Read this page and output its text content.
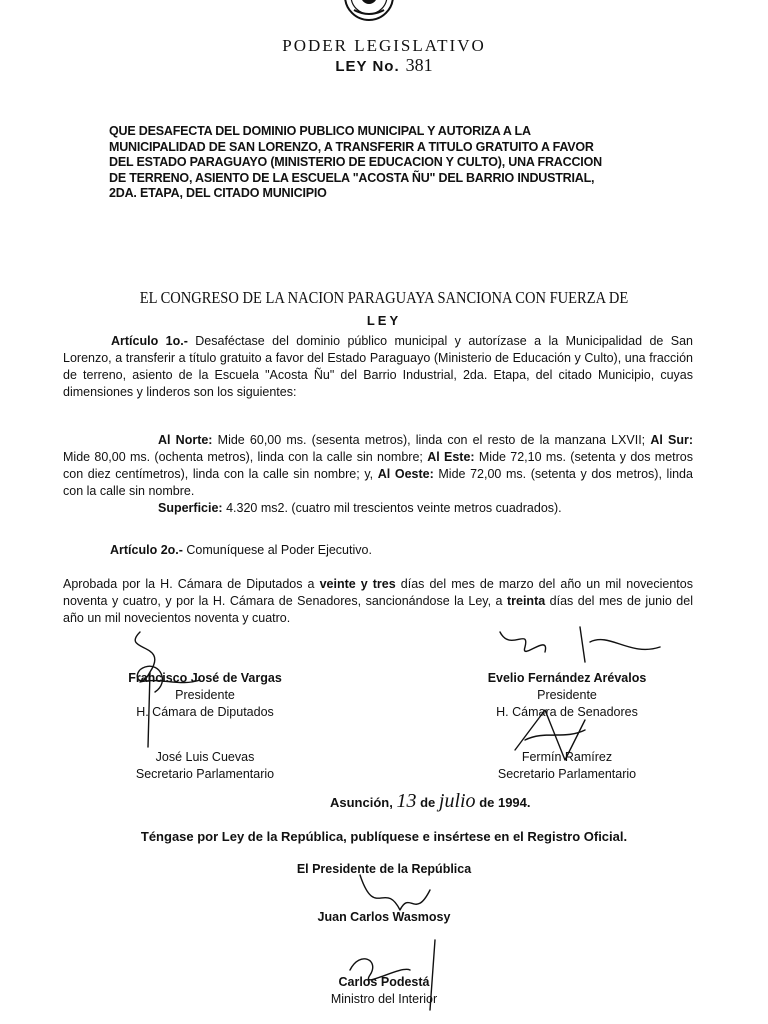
PODER LEGISLATIVO
LEY No. 381
QUE DESAFECTA DEL DOMINIO PUBLICO MUNICIPAL Y AUTORIZA A LA MUNICIPALIDAD DE SAN LORENZO, A TRANSFERIR A TITULO GRATUITO A FAVOR DEL ESTADO PARAGUAYO (MINISTERIO DE EDUCACION Y CULTO), UNA FRACCION DE TERRENO, ASIENTO DE LA ESCUELA "ACOSTA ÑU" DEL BARRIO INDUSTRIAL, 2DA. ETAPA, DEL CITADO MUNICIPIO
EL CONGRESO DE LA NACION PARAGUAYA SANCIONA CON FUERZA DE
LEY
Artículo 1o.- Desaféctase del dominio público municipal y autorízase a la Municipalidad de San Lorenzo, a transferir a título gratuito a favor del Estado Paraguayo (Ministerio de Educación y Culto), una fracción de terreno, asiento de la Escuela "Acosta Ñu" del Barrio Industrial, 2da. Etapa, del citado Municipio, cuyas dimensiones y linderos son los siguientes:
Al Norte: Mide 60,00 ms. (sesenta metros), linda con el resto de la manzana LXVII; Al Sur: Mide 80,00 ms. (ochenta metros), linda con la calle sin nombre; Al Este: Mide 72,10 ms. (setenta y dos metros con diez centímetros), linda con la calle sin nombre; y, Al Oeste: Mide 72,00 ms. (setenta y dos metros), linda con la calle sin nombre.
Superficie: 4.320 ms2. (cuatro mil trescientos veinte metros cuadrados).
Artículo 2o.- Comuníquese al Poder Ejecutivo.
Aprobada por la H. Cámara de Diputados a veinte y tres días del mes de marzo del año un mil novecientos noventa y cuatro, y por la H. Cámara de Senadores, sancionándose la Ley, a treinta días del mes de junio del año un mil novecientos noventa y cuatro.
Francisco José de Vargas
Presidente
H. Cámara de Diputados
Evelio Fernández Arévalos
Presidente
H. Cámara de Senadores
José Luis Cuevas
Secretario Parlamentario
Fermín Ramírez
Secretario Parlamentario
Asunción, 13 de julio de 1994.
Téngase por Ley de la República, publíquese e insértese en el Registro Oficial.
El Presidente de la República
Juan Carlos Wasmosy
Carlos Podestá
Ministro del Interior
